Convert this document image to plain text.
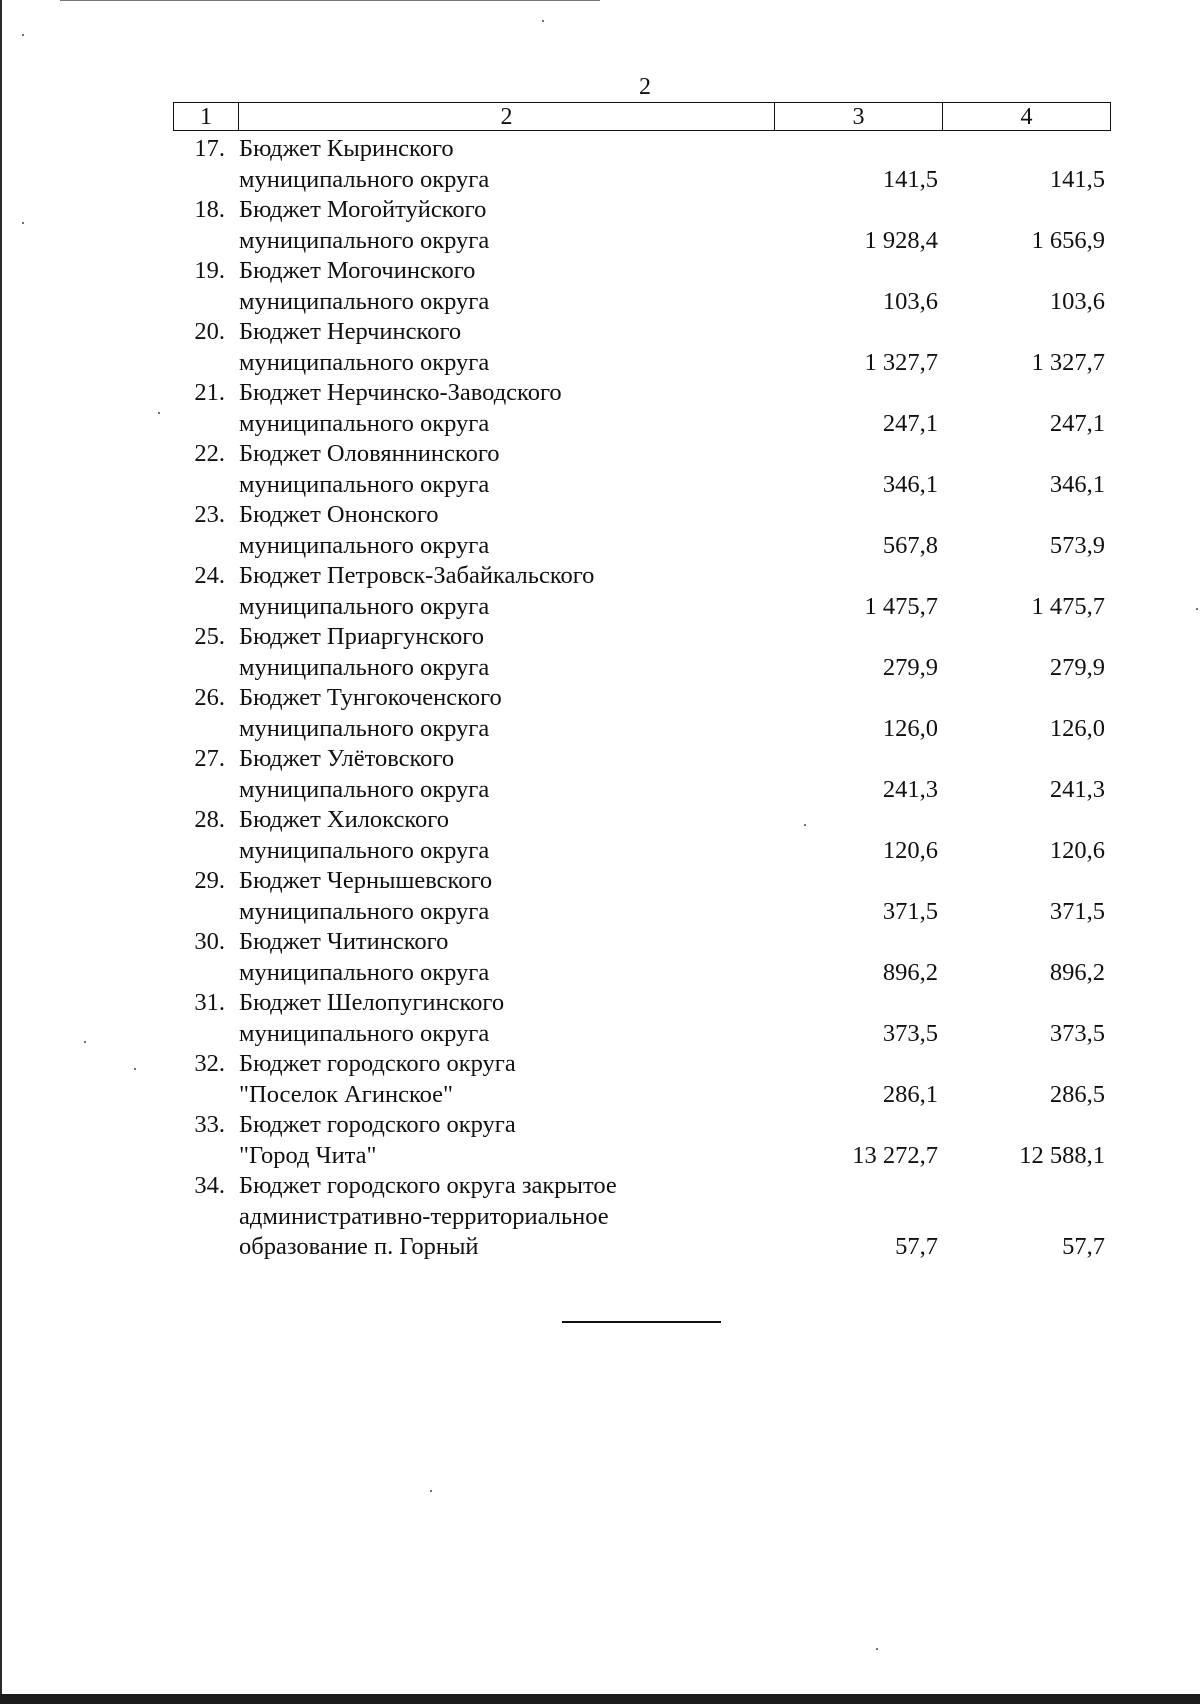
2
1	2	3	4
17. Бюджет Кыринского
муниципального округа	141,5	141,5
18. Бюджет Могойтуйского
муниципального округа	1 928,4	1 656,9
19. Бюджет Могочинского
муниципального округа	103,6	103,6
20. Бюджет Нерчинского
муниципального округа	1 327,7	1 327,7
21. Бюджет Нерчинско-Заводского
муниципального округа	247,1	247,1
22. Бюджет Оловяннинского
муниципального округа	346,1	346,1
23. Бюджет Ононского
муниципального округа	567,8	573,9
24. Бюджет Петровск-Забайкальского
муниципального округа	1 475,7	1 475,7
25. Бюджет Приаргунского
муниципального округа	279,9	279,9
26. Бюджет Тунгокоченского
муниципального округа	126,0	126,0
27. Бюджет Улётовского
муниципального округа	241,3	241,3
28. Бюджет Хилокского
муниципального округа	120,6	120,6
29. Бюджет Чернышевского
муниципального округа	371,5	371,5
30. Бюджет Читинского
муниципального округа	896,2	896,2
31. Бюджет Шелопугинского
муниципального округа	373,5	373,5
32. Бюджет городского округа
"Поселок Агинское"	286,1	286,5
33. Бюджет городского округа
"Город Чита"	13 272,7	12 588,1
34. Бюджет городского округа закрытое
административно-территориальное
образование п. Горный	57,7	57,7
